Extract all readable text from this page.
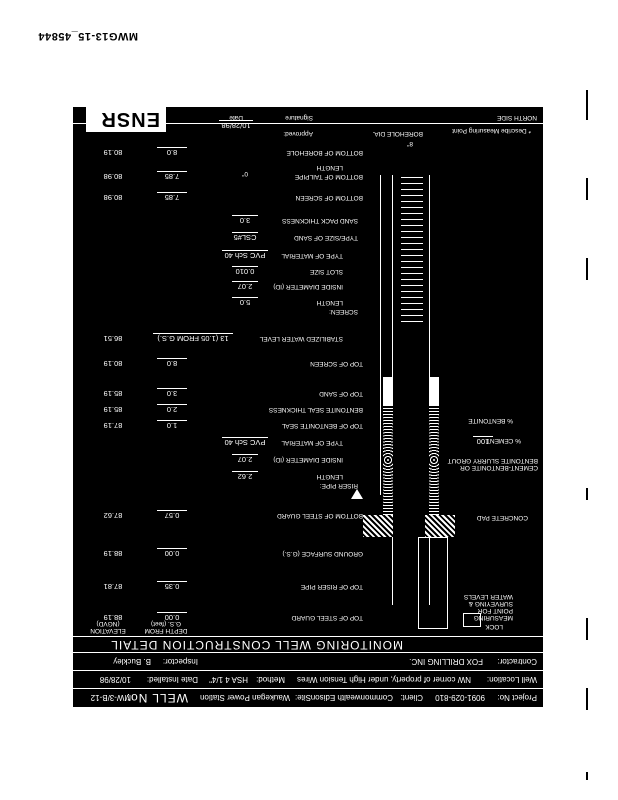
Project No:
9091-029-810
Client:
Commonwealth Edison
Site:
Waukegan Power Station
WELL No:
MW-3/B-12
Well Location:
NW corner of property, under High Tension Wires
Method:
HSA 4 1/4"
Date Installed:
10/28/98
Contractor:
FOX DRILLING INC.
Inspector:
B. Buckley
MONITORING WELL CONSTRUCTION DETAIL
DEPTH FROM G.S. (feet)
ELEVATION (NGVD)	LOCK
MEASURING POINT FOR SURVEYING & WATER LEVELS
CONCRETE PAD
CEMENT-BENTONITE OR BENTONITE SLURRY GROUT
100
% CEMENT
% BENTONITE
* Describe Measuring Point
NORTH SIDE
8"
BOREHOLE DIA.
TOP OF STEEL GUARD
0.00
88.19
TOP OF RISER PIPE
0.35
87.81
GROUND SURFACE (G.S.)
0.00
88.19
BOTTOM OF STEEL GUARD
0.57
87.62
RISER PIPE:
LENGTH
2.62
INSIDE DIAMETER (ID)
2.07
TYPE OF MATERIAL
PVC Sch 40
TOP OF BENTONITE SEAL
1.0
87.19
BENTONITE SEAL THICKNESS
2.0
85.19
TOP OF SAND
3.0
85.19
TOP OF SCREEN
8.0
80.19
STABILIZED WATER LEVEL
13 (1.05 FROM G.S.)
86.51
SCREEN:
LENGTH
5.0
INSIDE DIAMETER (ID)
2.07
SLOT SIZE
0.010
TYPE OF MATERIAL
PVC Sch 40
TYPE/SIZE OF SAND
CSL#5
SAND PACK THICKNESS
3.0
BOTTOM OF SCREEN
7.85
80.98
BOTTOM OF TAILPIPE
LENGTH
0"
7.85
80.98
BOTTOM OF BOREHOLE
8.0
80.19
Approved:
10/28/98
Signature
Date
ENSR
MWG13-15_45844
